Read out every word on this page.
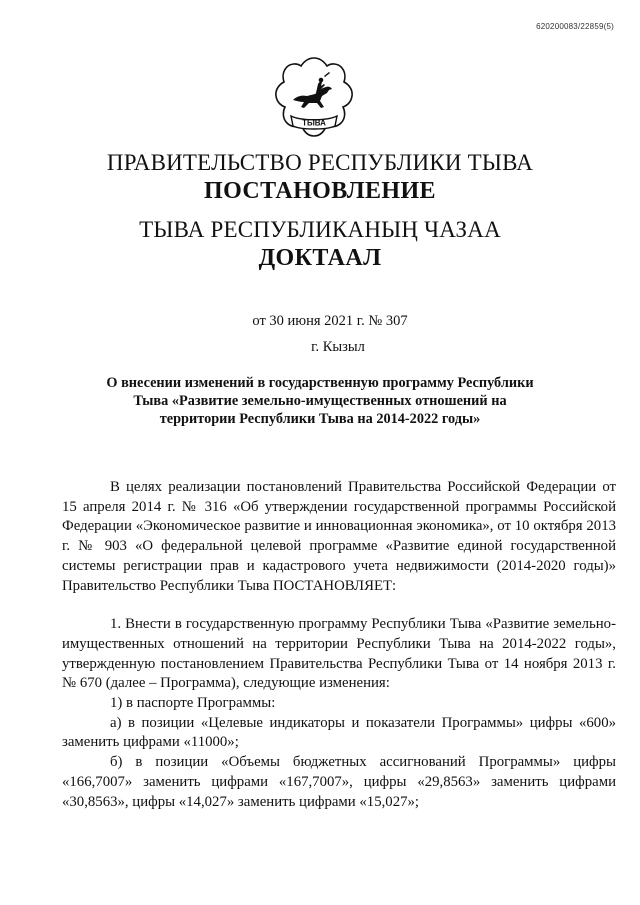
620200083/22859(5)
ТЫВА
ПРАВИТЕЛЬСТВО РЕСПУБЛИКИ ТЫВА
ПОСТАНОВЛЕНИЕ
ТЫВА РЕСПУБЛИКАНЫҢ ЧАЗАА
ДОКТААЛ
от 30 июня 2021 г. № 307
г. Кызыл
О внесении изменений в государственную программу Республики Тыва «Развитие земельно-имущественных отношений на территории Республики Тыва на 2014-2022 годы»

В целях реализации постановлений Правительства Российской Федерации от 15 апреля 2014 г. № 316 «Об утверждении государственной программы Российской Федерации «Экономическое развитие и инновационная экономика», от 10 октября 2013 г. № 903 «О федеральной целевой программе «Развитие единой государственной системы регистрации прав и кадастрового учета недвижимости (2014-2020 годы)» Правительство Республики Тыва ПОСТАНОВЛЯЕТ:

1. Внести в государственную программу Республики Тыва «Развитие земельно-имущественных отношений на территории Республики Тыва на 2014-2022 годы», утвержденную постановлением Правительства Республики Тыва от 14 ноября 2013 г. № 670 (далее – Программа), следующие изменения:

1) в паспорте Программы:

а) в позиции «Целевые индикаторы и показатели Программы» цифры «600» заменить цифрами «11000»;

б) в позиции «Объемы бюджетных ассигнований Программы» цифры «166,7007» заменить цифрами «167,7007», цифры «29,8563» заменить цифрами «30,8563», цифры «14,027» заменить цифрами «15,027»;
